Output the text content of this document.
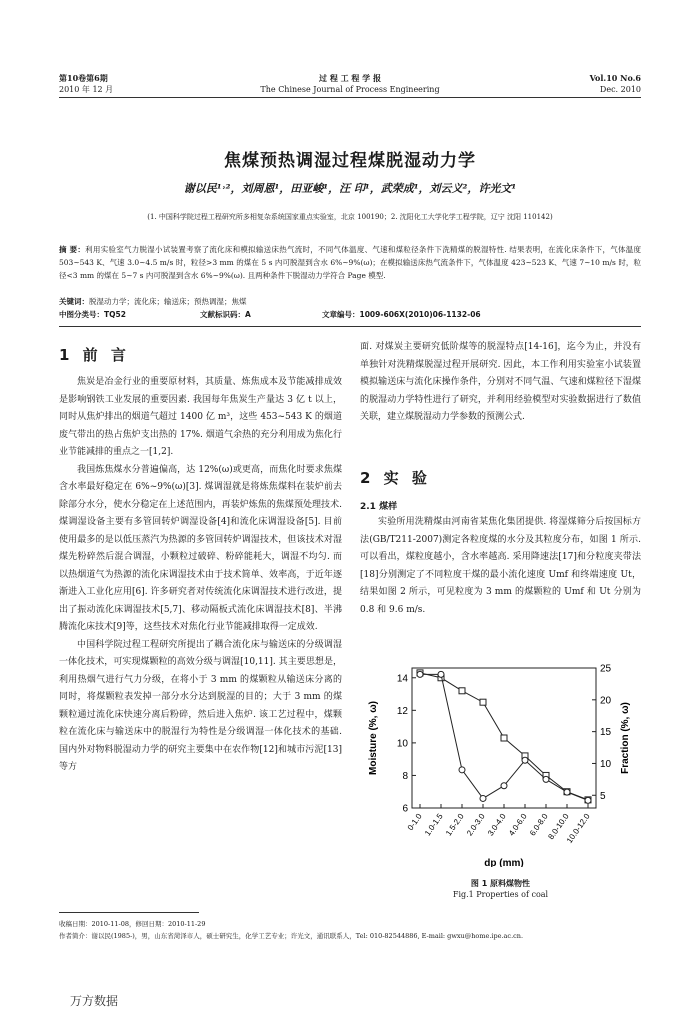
第10卷第6期
2010 年 12 月
过 程 工 程 学 报
The Chinese Journal of Process Engineering
Vol.10 No.6
Dec. 2010
焦煤预热调湿过程煤脱湿动力学
谢以民¹˒²，刘周恩¹，田亚峻¹，汪 印¹，武荣成¹，刘云义²，许光文¹
(1. 中国科学院过程工程研究所多相复杂系统国家重点实验室，北京 100190；2. 沈阳化工大学化学工程学院，辽宁 沈阳 110142)
摘 要：利用实验室气力脱湿小试装置考察了流化床和模拟输送床热气流时，不同气体温度、气速和煤粒径条件下洗精煤的脱湿特性. 结果表明，在流化床条件下，气体温度 503~543 K、气速 3.0~4.5 m/s 时，粒径>3 mm 的煤在 5 s 内可脱湿到含水 6%~9%(ω)；在模拟输送床热气流条件下，气体温度 423~523 K、气速 7~10 m/s 时，粒径<3 mm 的煤在 5~7 s 内可脱湿到含水 6%~9%(ω). 且两种条件下脱湿动力学符合 Page 模型.
关键词：脱湿动力学；流化床；输送床；预热调湿；焦煤
中图分类号：TQ52	文献标识码：A	文章编号：1009-606X(2010)06-1132-06
1 前 言

焦炭是冶金行业的重要原材料，其质量、炼焦成本及节能减排成效是影响钢铁工业发展的重要因素. 我国每年焦炭生产量达 3 亿 t 以上，同时从焦炉排出的烟道气超过 1400 亿 m³，这些 453~543 K 的烟道废气带出的热占焦炉支出热的 17%. 烟道气余热的充分利用成为焦化行业节能减排的重点之一[1,2].

我国炼焦煤水分普遍偏高，达 12%(ω)或更高，而焦化时要求焦煤含水率最好稳定在 6%~9%(ω)[3]. 煤调湿就是将炼焦煤料在装炉前去除部分水分，使水分稳定在上述范围内，再装炉炼焦的焦煤预处理技术. 煤调湿设备主要有多管回转炉调湿设备[4]和流化床调湿设备[5]. 目前使用最多的是以低压蒸汽为热源的多管回转炉调湿技术，但该技术对湿煤先粉碎然后混合调湿，小颗粒过破碎、粉碎能耗大，调湿不均匀. 而以热烟道气为热源的流化床调湿技术由于技术简单、效率高，于近年逐渐进入工业化应用[6]. 许多研究者对传统流化床调湿技术进行改进，提出了振动流化床调湿技术[5,7]、移动隔板式流化床调湿技术[8]、半沸腾流化床技术[9]等，这些技术对焦化行业节能减排取得一定成效.

中国科学院过程工程研究所提出了耦合流化床与输送床的分级调湿一体化技术，可实现煤颗粒的高效分级与调湿[10,11]. 其主要思想是，利用热烟气进行气力分级，在将小于 3 mm 的煤颗粒从输送床分离的同时，将煤颗粒表发掉一部分水分达到脱湿的目的；大于 3 mm 的煤颗粒通过流化床快速分离后粉碎，然后进入焦炉. 该工艺过程中，煤颗粒在流化床与输送床中的脱湿行为特性是分级调湿一体化技术的基础. 国内外对物料脱湿动力学的研究主要集中在农作物[12]和城市污泥[13]等方

面. 对煤炭主要研究低阶煤等的脱湿特点[14-16]，迄今为止，并没有单独针对洗精煤脱湿过程开展研究. 因此，本工作利用实验室小试装置模拟输送床与流化床操作条件，分别对不同气温、气速和煤粒径下湿煤的脱湿动力学特性进行了研究，并利用经验模型对实验数据进行了数值关联，建立煤脱湿动力学参数的预测公式.

2 实 验
2.1 煤样

实验所用洗精煤由河南省某焦化集团提供. 将湿煤筛分后按国标方法(GB/T211-2007)测定各粒度煤的水分及其粒度分布，如图 1 所示. 可以看出，煤粒度越小，含水率越高. 采用降速法[17]和分粒度夹带法[18]分别测定了不同粒度干煤的最小流化速度 Umf 和终端速度 Ut，结果如图 2 所示，可见粒度为 3 mm 的煤颗粒的 Umf 和 Ut 分别为 0.8 和 9.6 m/s.

6
8
10
12
14
5
10
15
20
25
0-1.0 1.0-1.5 1.5-2.0 2.0-3.0 3.0-4.0 4.0-6.0 6.0-8.0
8.0-10.0
10.0-12.0
Moisture (%, ω)	Fraction (%, ω)
dp (mm)
图 1 原料煤物性
Fig.1 Properties of coal
收稿日期：2010-11-08，修回日期：2010-11-29
作者简介：谢以民(1985-)，男，山东省菏泽市人，硕士研究生，化学工艺专业；许光文，通讯联系人，Tel: 010-82544886, E-mail: gwxu@home.ipe.ac.cn.
万方数据
